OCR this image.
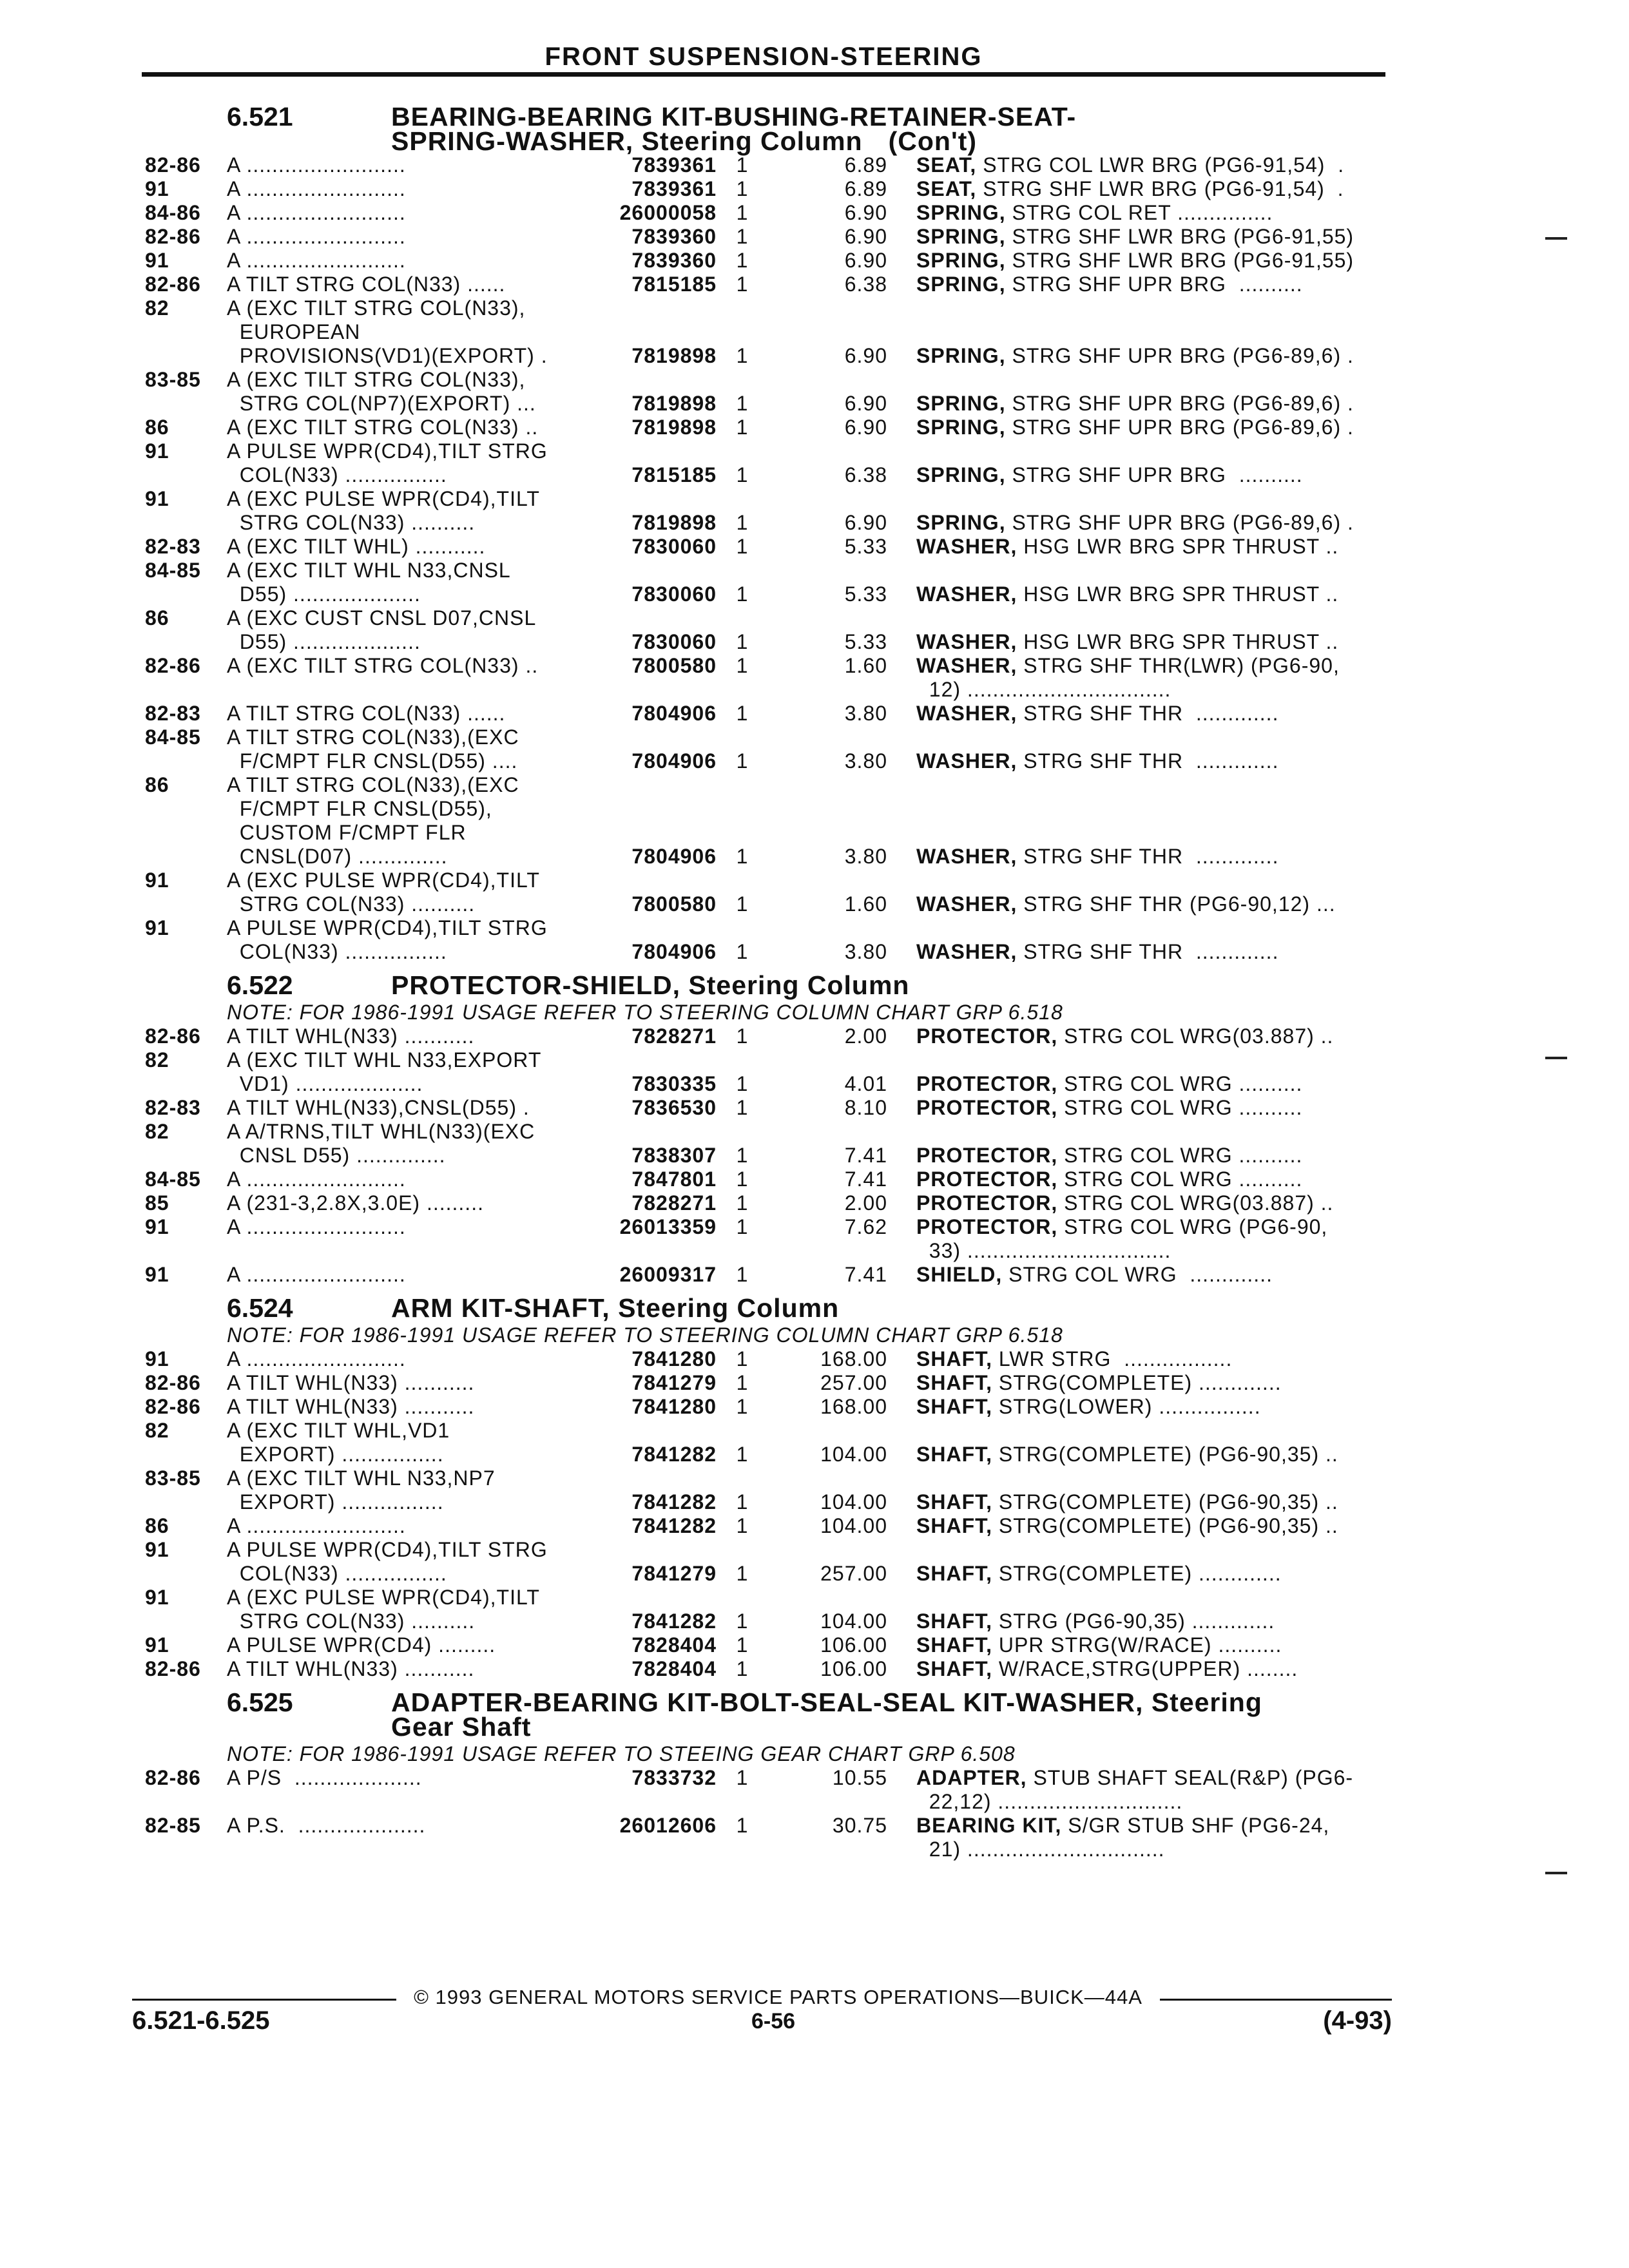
FRONT SUSPENSION-STEERING
6.521	BEARING-BEARING KIT-BUSHING-RETAINER-SEAT-
SPRING-WASHER, Steering Column (Con't)
82-86	A .........................	7839361 1	6.89	SEAT, STRG COL LWR BRG (PG6-91,54)  .
91	A .........................	7839361 1	6.89	SEAT, STRG SHF LWR BRG (PG6-91,54)  .
84-86	A .........................	26000058 1	6.90	SPRING, STRG COL RET ...............
82-86	A .........................	7839360 1	6.90	SPRING, STRG SHF LWR BRG (PG6-91,55)
91	A .........................	7839360 1	6.90	SPRING, STRG SHF LWR BRG (PG6-91,55)
82-86	A TILT STRG COL(N33) ......	7815185 1	6.38	SPRING, STRG SHF UPR BRG  ..........
82	A (EXC TILT STRG COL(N33),
EUROPEAN
PROVISIONS(VD1)(EXPORT) .	7819898 1	6.90	SPRING, STRG SHF UPR BRG (PG6-89,6) .
83-85	A (EXC TILT STRG COL(N33),
STRG COL(NP7)(EXPORT) ...	7819898 1	6.90	SPRING, STRG SHF UPR BRG (PG6-89,6) .
86	A (EXC TILT STRG COL(N33) ..	7819898 1	6.90	SPRING, STRG SHF UPR BRG (PG6-89,6) .
91	A PULSE WPR(CD4),TILT STRG
COL(N33) ................	7815185 1	6.38	SPRING, STRG SHF UPR BRG  ..........
91	A (EXC PULSE WPR(CD4),TILT
STRG COL(N33) ..........	7819898 1	6.90	SPRING, STRG SHF UPR BRG (PG6-89,6) .
82-83	A (EXC TILT WHL) ...........	7830060 1	5.33	WASHER, HSG LWR BRG SPR THRUST ..
84-85	A (EXC TILT WHL N33,CNSL
D55) ....................	7830060 1	5.33	WASHER, HSG LWR BRG SPR THRUST ..
86	A (EXC CUST CNSL D07,CNSL
D55) ....................	7830060 1	5.33	WASHER, HSG LWR BRG SPR THRUST ..
82-86	A (EXC TILT STRG COL(N33) ..	7800580 1	1.60	WASHER, STRG SHF THR(LWR) (PG6-90,
12) ................................
82-83	A TILT STRG COL(N33) ......	7804906 1	3.80	WASHER, STRG SHF THR  .............
84-85	A TILT STRG COL(N33),(EXC
F/CMPT FLR CNSL(D55) ....	7804906 1	3.80	WASHER, STRG SHF THR  .............
86	A TILT STRG COL(N33),(EXC
F/CMPT FLR CNSL(D55),
CUSTOM F/CMPT FLR
CNSL(D07) ..............	7804906 1	3.80	WASHER, STRG SHF THR  .............
91	A (EXC PULSE WPR(CD4),TILT
STRG COL(N33) ..........	7800580 1	1.60	WASHER, STRG SHF THR (PG6-90,12) ...
91	A PULSE WPR(CD4),TILT STRG
COL(N33) ................	7804906 1	3.80	WASHER, STRG SHF THR  .............
6.522	PROTECTOR-SHIELD, Steering Column
NOTE: FOR 1986-1991 USAGE REFER TO STEERING COLUMN CHART GRP 6.518
82-86	A TILT WHL(N33) ...........	7828271 1	2.00	PROTECTOR, STRG COL WRG(03.887) ..
82	A (EXC TILT WHL N33,EXPORT
VD1) ....................	7830335 1	4.01	PROTECTOR, STRG COL WRG ..........
82-83	A TILT WHL(N33),CNSL(D55) .	7836530 1	8.10	PROTECTOR, STRG COL WRG ..........
82	A A/TRNS,TILT WHL(N33)(EXC
CNSL D55) ..............	7838307 1	7.41	PROTECTOR, STRG COL WRG ..........
84-85	A .........................	7847801 1	7.41	PROTECTOR, STRG COL WRG ..........
85	A (231-3,2.8X,3.0E) .........	7828271 1	2.00	PROTECTOR, STRG COL WRG(03.887) ..
91	A .........................	26013359 1	7.62	PROTECTOR, STRG COL WRG (PG6-90,
33) ................................
91	A .........................	26009317 1	7.41	SHIELD, STRG COL WRG  .............
6.524	ARM KIT-SHAFT, Steering Column
NOTE: FOR 1986-1991 USAGE REFER TO STEERING COLUMN CHART GRP 6.518
91	A .........................	7841280 1	168.00	SHAFT, LWR STRG  .................
82-86	A TILT WHL(N33) ...........	7841279 1	257.00	SHAFT, STRG(COMPLETE) .............
82-86	A TILT WHL(N33) ...........	7841280 1	168.00	SHAFT, STRG(LOWER) ................
82	A (EXC TILT WHL,VD1
EXPORT) ................	7841282 1	104.00	SHAFT, STRG(COMPLETE) (PG6-90,35) ..
83-85	A (EXC TILT WHL N33,NP7
EXPORT) ................	7841282 1	104.00	SHAFT, STRG(COMPLETE) (PG6-90,35) ..
86	A .........................	7841282 1	104.00	SHAFT, STRG(COMPLETE) (PG6-90,35) ..
91	A PULSE WPR(CD4),TILT STRG
COL(N33) ................	7841279 1	257.00	SHAFT, STRG(COMPLETE) .............
91	A (EXC PULSE WPR(CD4),TILT
STRG COL(N33) ..........	7841282 1	104.00	SHAFT, STRG (PG6-90,35) .............
91	A PULSE WPR(CD4) .........	7828404 1	106.00	SHAFT, UPR STRG(W/RACE) ..........
82-86	A TILT WHL(N33) ...........	7828404 1	106.00	SHAFT, W/RACE,STRG(UPPER) ........
6.525	ADAPTER-BEARING KIT-BOLT-SEAL-SEAL KIT-WASHER, Steering
Gear Shaft
NOTE: FOR 1986-1991 USAGE REFER TO STEEING GEAR CHART GRP 6.508
82-86	A P/S  ....................	7833732 1	10.55	ADAPTER, STUB SHAFT SEAL(R&P) (PG6-
22,12) .............................
82-85	A P.S.  ....................	26012606 1	30.75	BEARING KIT, S/GR STUB SHF (PG6-24,
21) ...............................
© 1993 GENERAL MOTORS SERVICE PARTS OPERATIONS—BUICK—44A
6.521-6.525	6-56	(4-93)
